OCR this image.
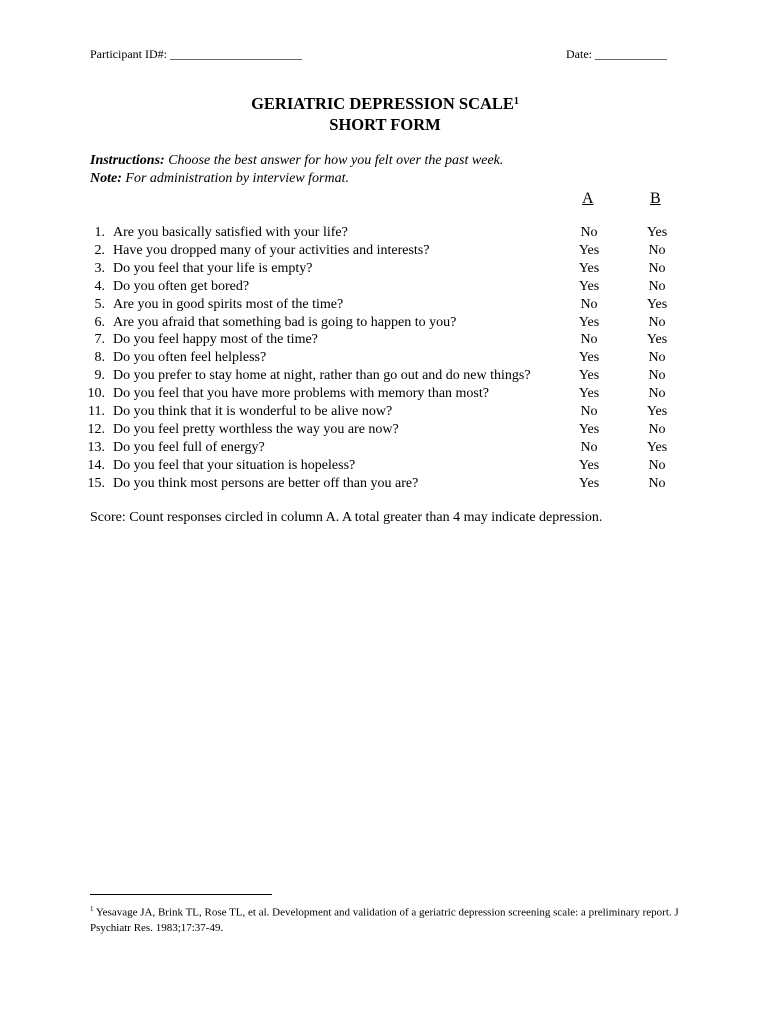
Participant ID#: ______________________	Date: ____________
GERIATRIC DEPRESSION SCALE$^1$
SHORT FORM
Instructions: Choose the best answer for how you felt over the past week.
Note: For administration by interview format.
A	B
1. Are you basically satisfied with your life?	No	Yes
2. Have you dropped many of your activities and interests?	Yes	No
3. Do you feel that your life is empty?	Yes	No
4. Do you often get bored?	Yes	No
5. Are you in good spirits most of the time?	No	Yes
6. Are you afraid that something bad is going to happen to you?	Yes	No
7. Do you feel happy most of the time?	No	Yes
8. Do you often feel helpless?	Yes	No
9. Do you prefer to stay home at night, rather than go out and do new things?	Yes	No
10. Do you feel that you have more problems with memory than most?	Yes	No
11. Do you think that it is wonderful to be alive now?	No	Yes
12. Do you feel pretty worthless the way you are now?	Yes	No
13. Do you feel full of energy?	No	Yes
14. Do you feel that your situation is hopeless?	Yes	No
15. Do you think most persons are better off than you are?	Yes	No
Score: Count responses circled in column A. A total greater than 4 may indicate depression.
$^1$ Yesavage JA, Brink TL, Rose TL, et al. Development and validation of a geriatric depression screening scale: a preliminary report. J Psychiatr Res. 1983;17:37-49.
